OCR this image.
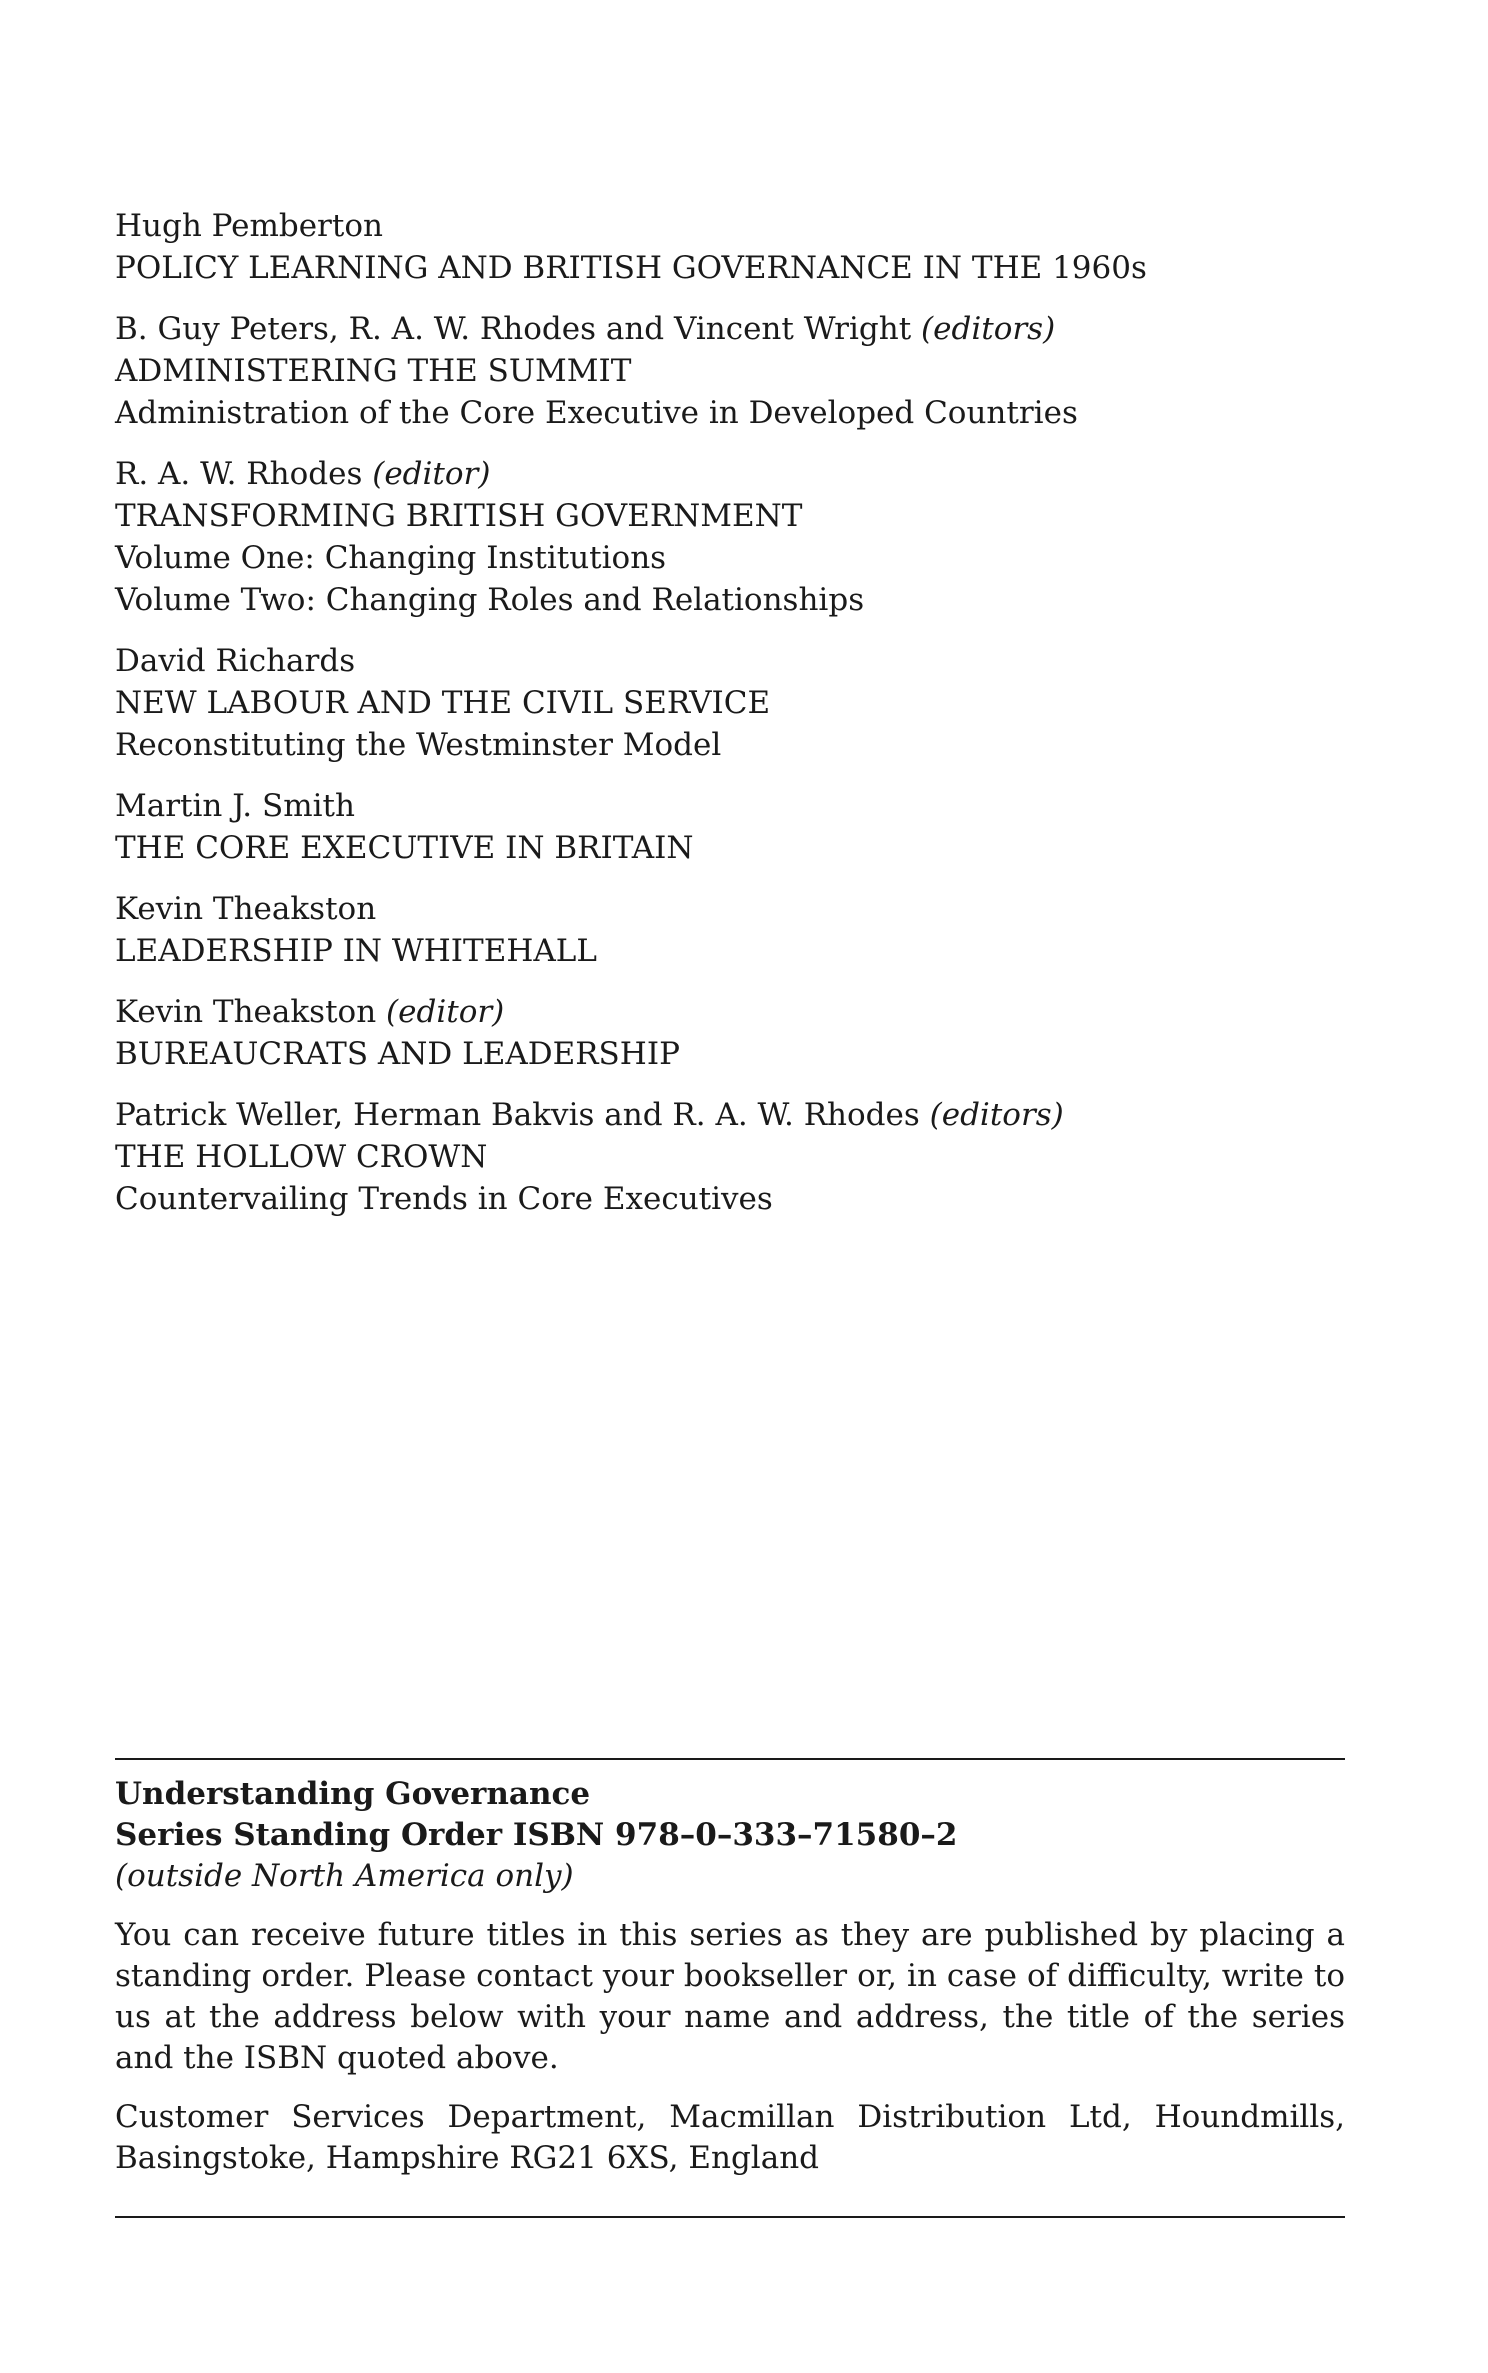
Hugh Pemberton
POLICY LEARNING AND BRITISH GOVERNANCE IN THE 1960s
B. Guy Peters, R. A. W. Rhodes and Vincent Wright (editors)
ADMINISTERING THE SUMMIT
Administration of the Core Executive in Developed Countries
R. A. W. Rhodes (editor)
TRANSFORMING BRITISH GOVERNMENT
Volume One: Changing Institutions
Volume Two: Changing Roles and Relationships
David Richards
NEW LABOUR AND THE CIVIL SERVICE
Reconstituting the Westminster Model
Martin J. Smith
THE CORE EXECUTIVE IN BRITAIN
Kevin Theakston
LEADERSHIP IN WHITEHALL
Kevin Theakston (editor)
BUREAUCRATS AND LEADERSHIP
Patrick Weller, Herman Bakvis and R. A. W. Rhodes (editors)
THE HOLLOW CROWN
Countervailing Trends in Core Executives
Understanding Governance
Series Standing Order ISBN 978–0–333–71580–2
(outside North America only)

You can receive future titles in this series as they are published by placing a standing order. Please contact your bookseller or, in case of difficulty, write to us at the address below with your name and address, the title of the series and the ISBN quoted above.

Customer Services Department, Macmillan Distribution Ltd, Houndmills, Basingstoke, Hampshire RG21 6XS, England
